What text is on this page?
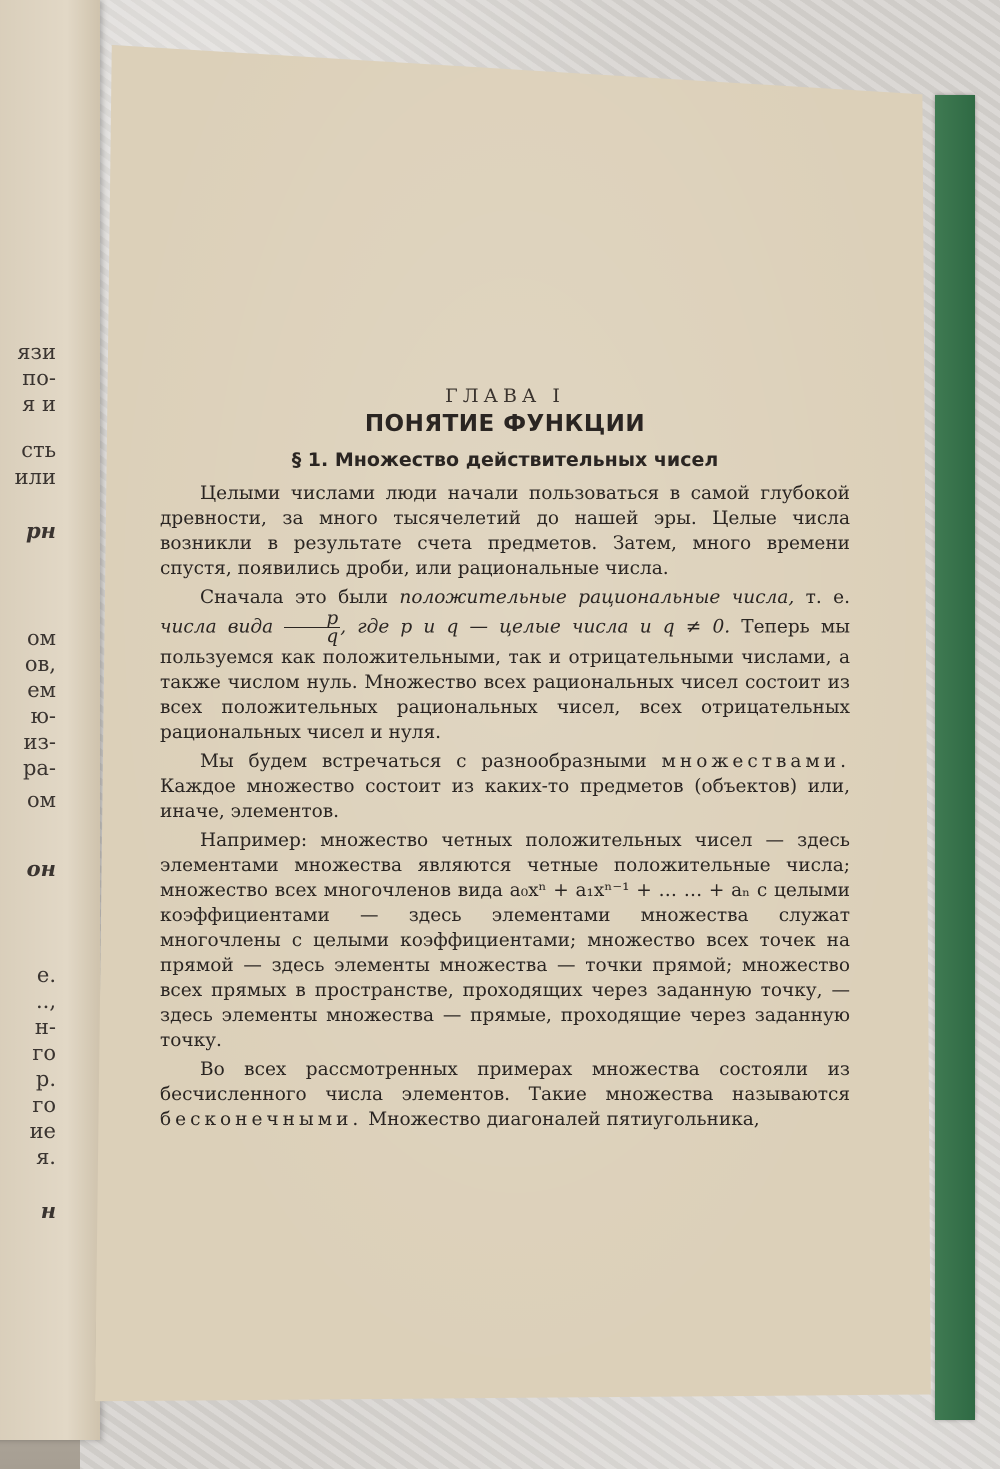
язи
по-
я и
сть
или
рн
ом
ов,
ем
ю-
из-
ра-
ом
он
е.
..,
н-
го
р.
го
ие
я.
н
ГЛАВА I
ПОНЯТИЕ ФУНКЦИИ
§ 1. Множество действительных чисел

Целыми числами люди начали пользоваться в самой глубокой древности, за много тысячелетий до нашей эры. Целые числа возникли в результате счета предметов. Затем, много времени спустя, появились дроби, или рациональные числа.

Сначала это были положительные рациональные числа, т. е. числа вида $\frac{p}{q}$ , где p и q — целые числа и q ≠ 0. Теперь мы пользуемся как положительными, так и отрицательными числами, а также числом нуль. Множество всех рациональных чисел состоит из всех положительных рациональных чисел, всех отрицательных рациональных чисел и нуля.

Мы будем встречаться с разнообразными множествами. Каждое множество состоит из каких-то предметов (объектов) или, иначе, элементов.

Например: множество четных положительных чисел — здесь элементами множества являются четные положительные числа; множество всех многочленов вида a₀xⁿ + a₁xⁿ⁻¹ + … … + aₙ с целыми коэффициентами — здесь элементами множества служат многочлены с целыми коэффициентами; множество всех точек на прямой — здесь элементы множества — точки прямой; множество всех прямых в пространстве, проходящих через заданную точку, — здесь элементы множества — прямые, проходящие через заданную точку.

Во всех рассмотренных примерах множества состояли из бесчисленного числа элементов. Такие множества называются бесконечными. Множество диагоналей пятиугольника,
